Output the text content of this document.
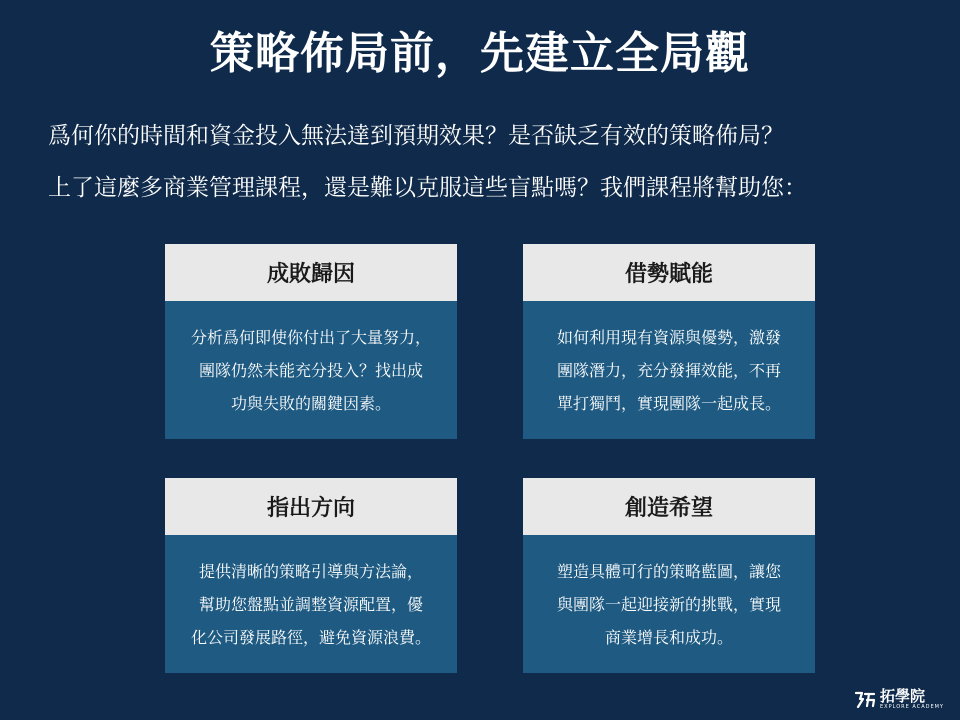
策略佈局前，先建立全局觀
爲何你的時間和資金投入無法達到預期效果？是否缺乏有效的策略佈局？
上了這麼多商業管理課程，還是難以克服這些盲點嗎？我們課程將幫助您：
成敗歸因
分析爲何即使你付出了大量努力，
團隊仍然未能充分投入？找出成
功與失敗的關鍵因素。
借勢賦能
如何利用現有資源與優勢，激發
團隊潛力，充分發揮效能，不再
單打獨鬥，實現團隊一起成長。
指出方向
提供清晰的策略引導與方法論，
幫助您盤點並調整資源配置，優
化公司發展路徑，避免資源浪費。
創造希望
塑造具體可行的策略藍圖，讓您
與團隊一起迎接新的挑戰，實現
商業增長和成功。
拓學院
EXPLORE ACADEMY
